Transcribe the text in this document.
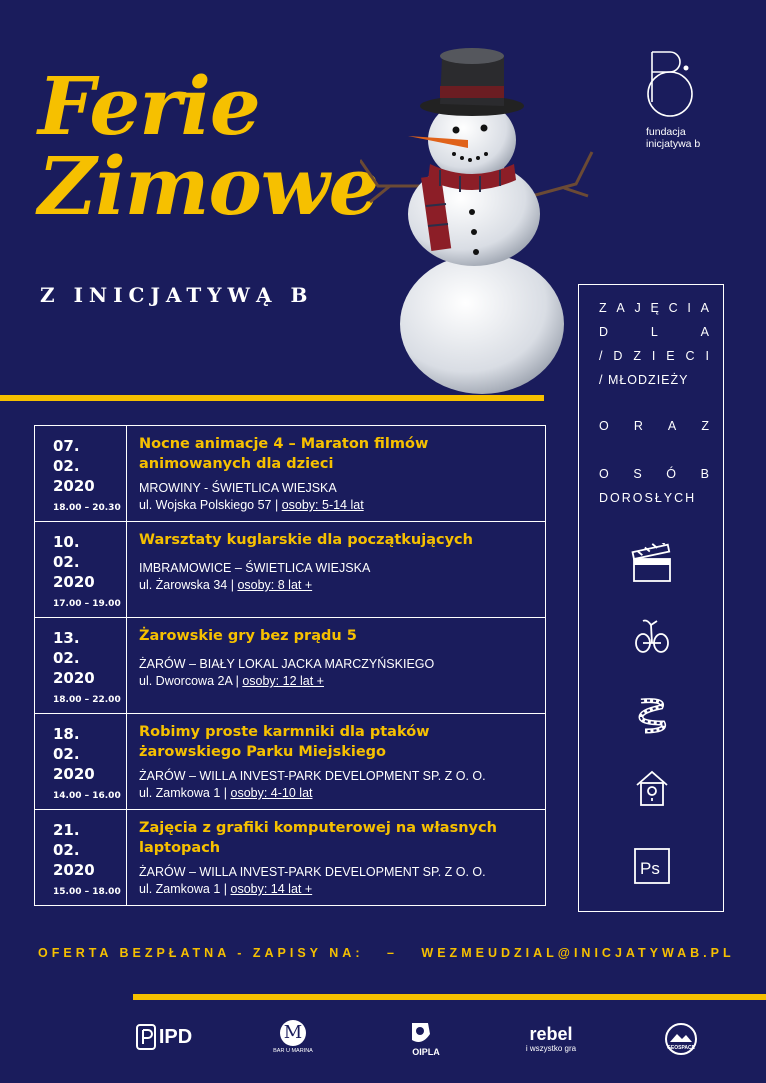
Ferie
Zimowe
Z INICJATYWĄ B
fundacja
inicjatywa b
07.
02.
2020
18.00 – 20.30
Nocne animacje 4 – Maraton filmów
animowanych dla dzieci
MROWINY - ŚWIETLICA WIEJSKA
ul. Wojska Polskiego 57 | osoby: 5-14 lat
10.
02.
2020
17.00 – 19.00
Warsztaty kuglarskie dla początkujących
IMBRAMOWICE – ŚWIETLICA WIEJSKA
ul. Żarowska 34 | osoby: 8 lat +
13.
02.
2020
18.00 – 22.00
Żarowskie gry bez prądu 5
ŻARÓW – BIAŁY LOKAL JACKA MARCZYŃSKIEGO
ul. Dworcowa 2A | osoby: 12 lat +
18.
02.
2020
14.00 – 16.00
Robimy proste karmniki dla ptaków
żarowskiego Parku Miejskiego
ŻARÓW – WILLA INVEST-PARK DEVELOPMENT SP. Z O. O.
ul. Zamkowa 1 | osoby: 4-10 lat
21.
02.
2020
15.00 – 18.00
Zajęcia z grafiki komputerowej na własnych
laptopach
ŻARÓW – WILLA INVEST-PARK DEVELOPMENT SP. Z O. O.
ul. Zamkowa 1 | osoby: 14 lat +
Z A J Ę C I A
D	L	A
/ D Z I E C I
/ MŁODZIEŻY
O R A Z
O S Ó B
DOROSŁYCH
Ps
OFERTA BEZPŁATNA - ZAPISY NA: – WEZMEUDZIAL@INICJATYWAB.PL
IPD	M
BAR U MARINA	OIPLA
rebel
i wszystko gra	GEOSPACE
